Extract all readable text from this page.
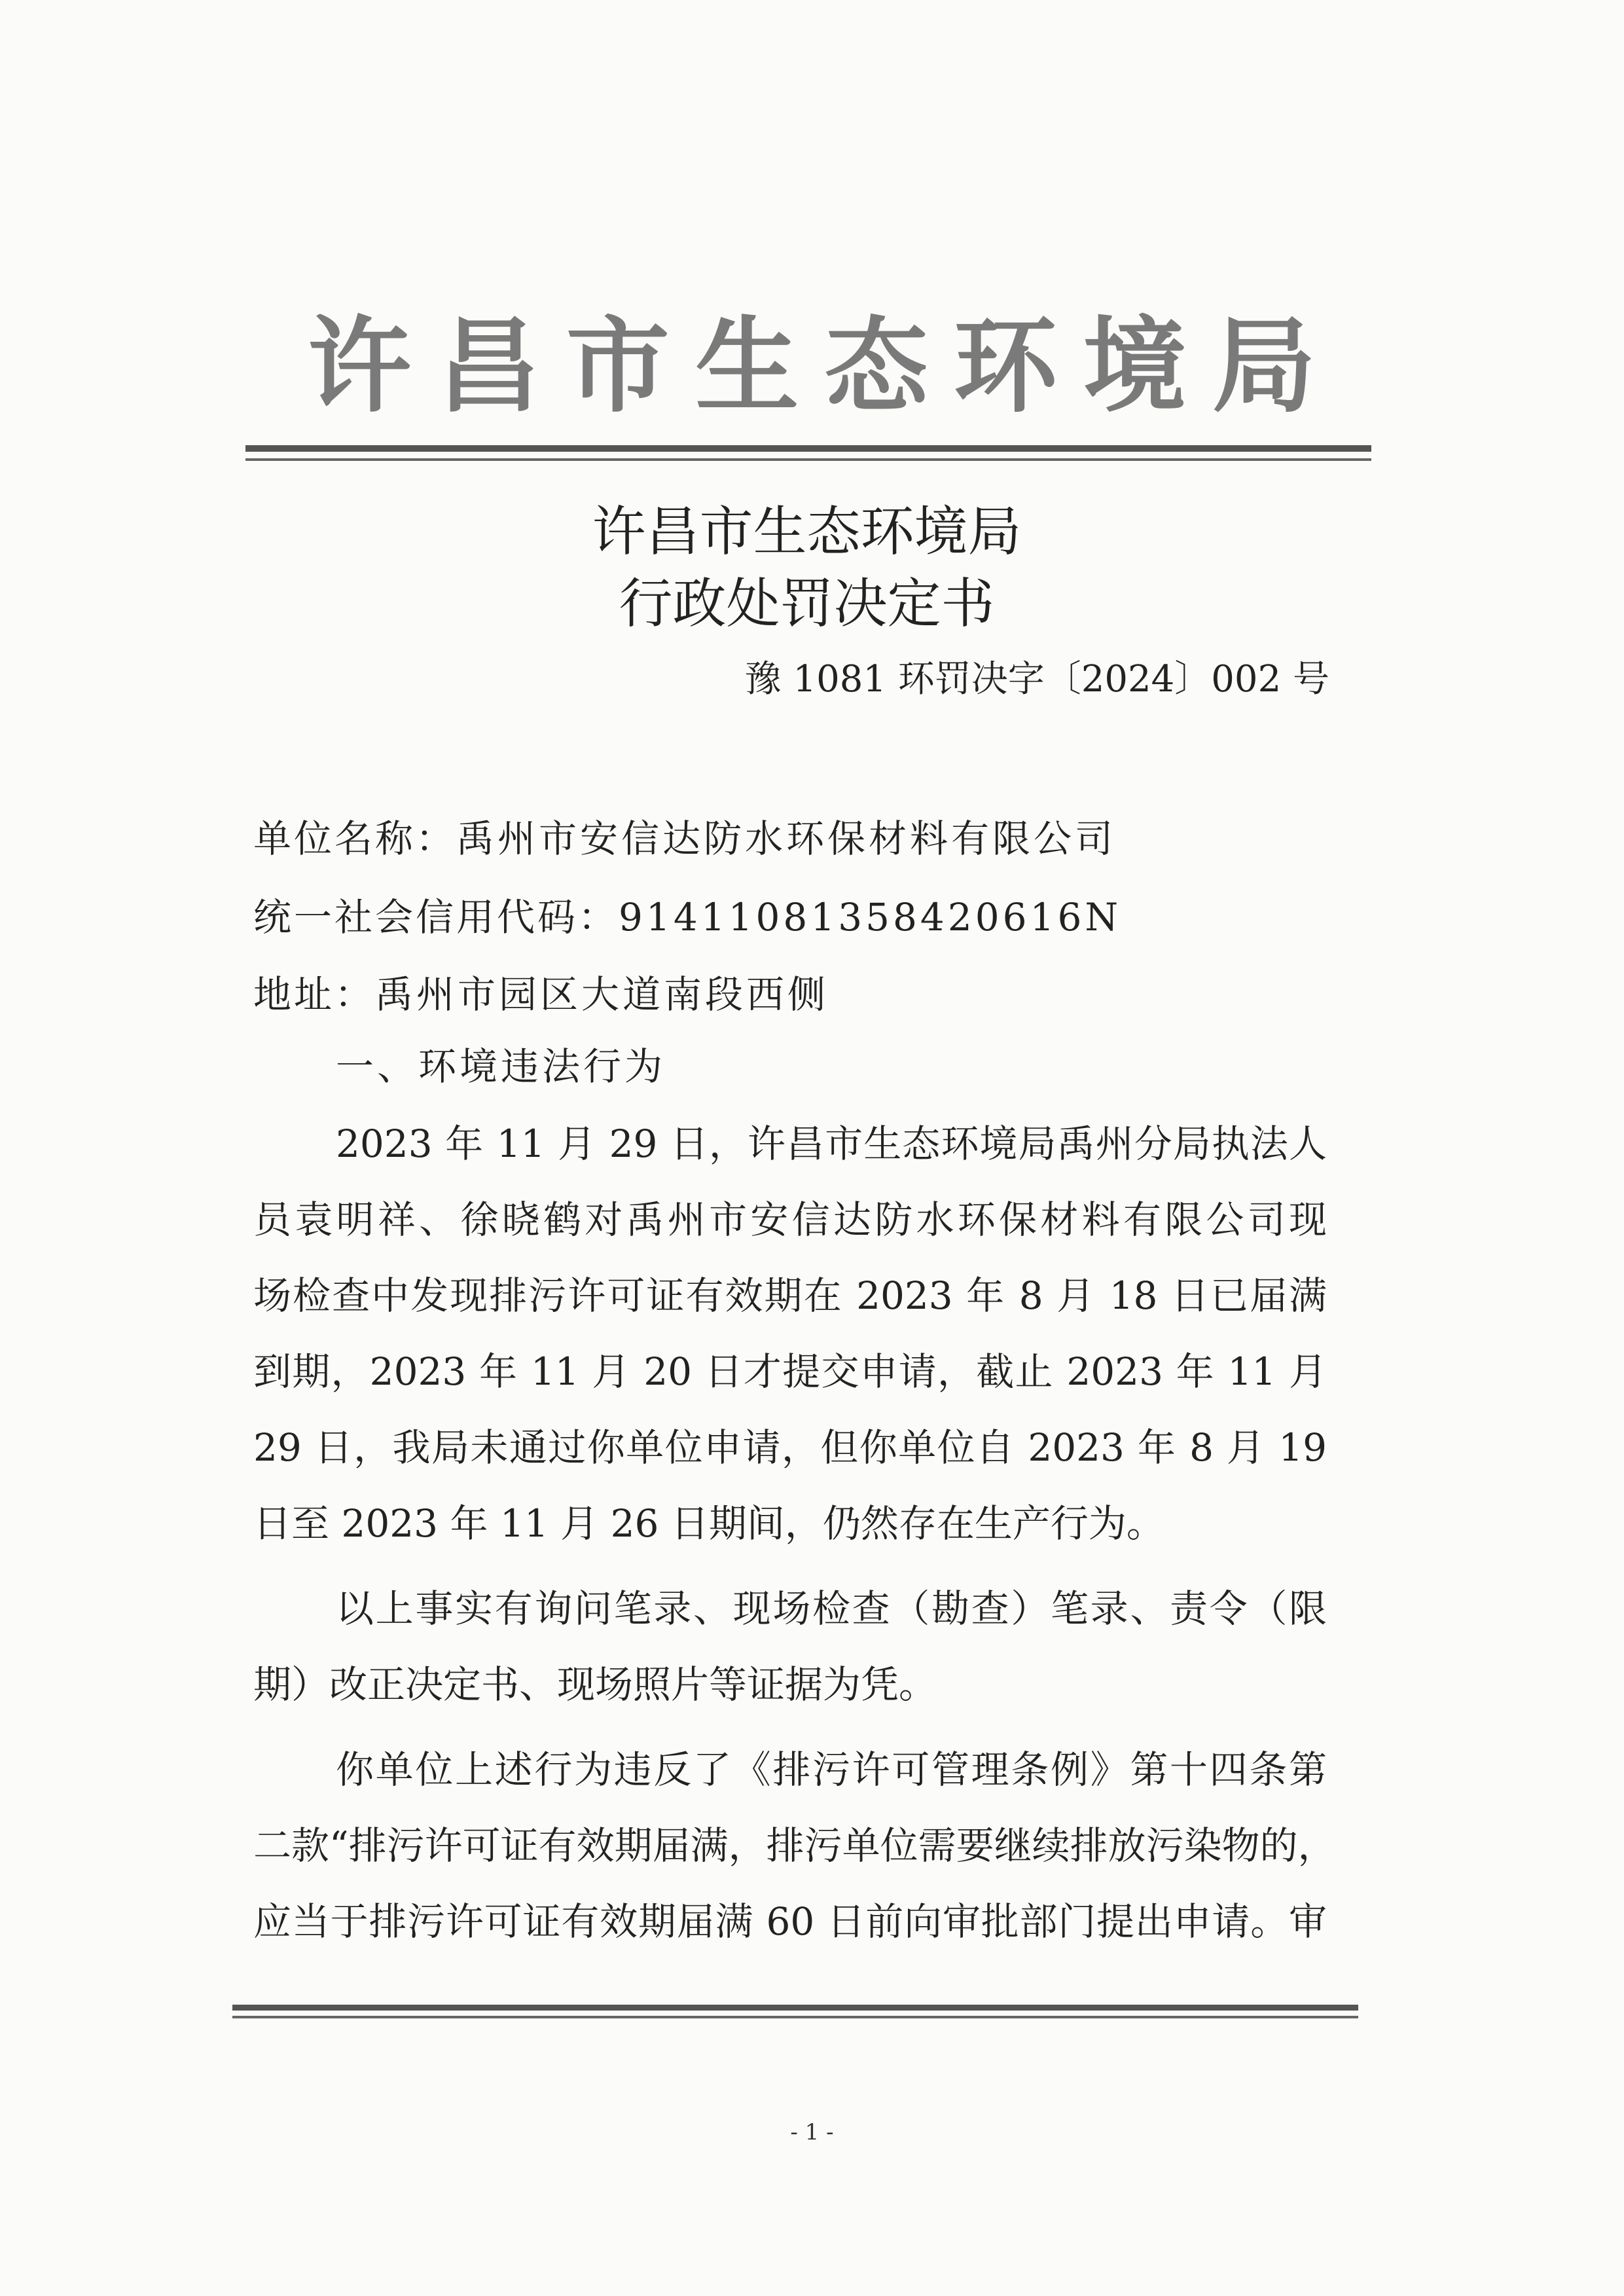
许 昌 市 生 态 环 境 局
许昌市生态环境局
行政处罚决定书
豫 1081 环罚决字〔2024〕002 号
单位名称：禹州市安信达防水环保材料有限公司
统一社会信用代码：91411081358420616N
地址：禹州市园区大道南段西侧
一、环境违法行为
2023 年 11 月 29 日，许昌市生态环境局禹州分局执法人
员袁明祥、徐晓鹤对禹州市安信达防水环保材料有限公司现
场检查中发现排污许可证有效期在 2023 年 8 月 18 日已届满
到期，2023 年 11 月 20 日才提交申请，截止 2023 年 11 月
29 日，我局未通过你单位申请，但你单位自 2023 年 8 月 19
日至 2023 年 11 月 26 日期间，仍然存在生产行为。
以上事实有询问笔录、现场检查（勘查）笔录、责令（限
期）改正决定书、现场照片等证据为凭。
你单位上述行为违反了《排污许可管理条例》第十四条第
二款“排污许可证有效期届满，排污单位需要继续排放污染物的，
应当于排污许可证有效期届满 60 日前向审批部门提出申请。审
- 1 -
